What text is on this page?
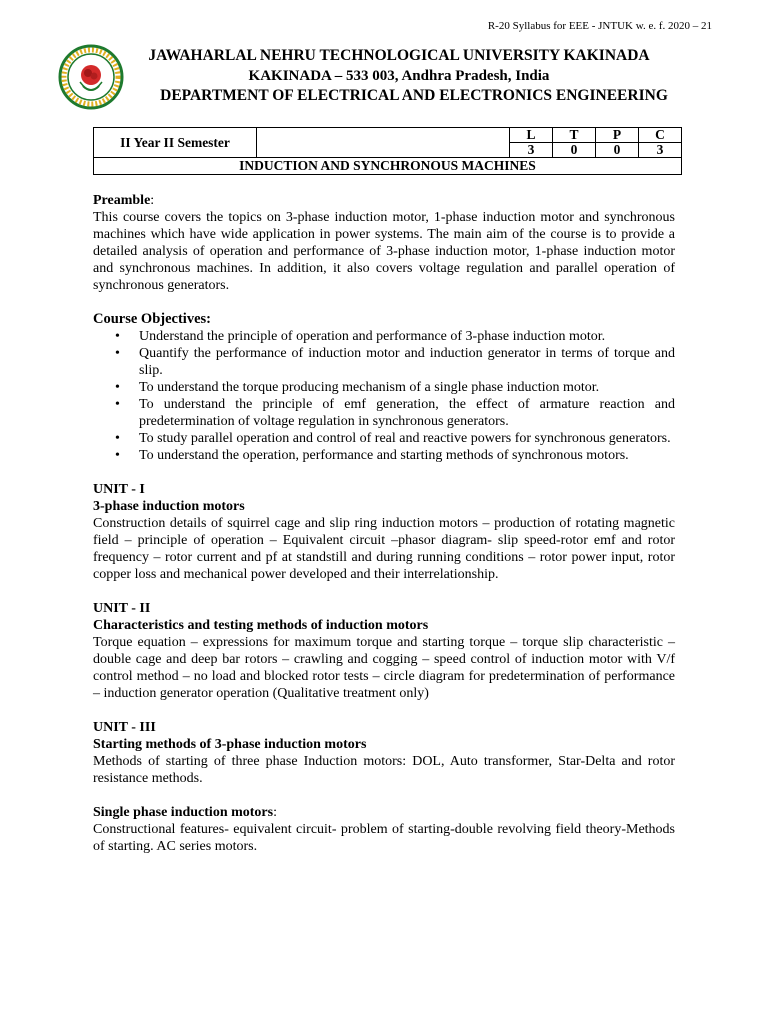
R-20 Syllabus for EEE - JNTUK w. e. f. 2020 – 21
JAWAHARLAL NEHRU TECHNOLOGICAL UNIVERSITY KAKINADA
KAKINADA – 533 003, Andhra Pradesh, India
DEPARTMENT OF ELECTRICAL AND ELECTRONICS ENGINEERING
II Year II Semester		L	T	P	C
		3	0	0	3
INDUCTION AND SYNCHRONOUS MACHINES					

Preamble:

This course covers the topics on 3-phase induction motor, 1-phase induction motor and synchronous machines which have wide application in power systems. The main aim of the course is to provide a detailed analysis of operation and performance of 3-phase induction motor, 1-phase induction motor and synchronous machines. In addition, it also covers voltage regulation and parallel operation of synchronous generators.

Course Objectives:

• Understand the principle of operation and performance of 3-phase induction motor.
• Quantify the performance of induction motor and induction generator in terms of torque and slip.
• To understand the torque producing mechanism of a single phase induction motor.
• To understand the principle of emf generation, the effect of armature reaction and predetermination of voltage regulation in synchronous generators.
• To study parallel operation and control of real and reactive powers for synchronous generators.
• To understand the operation, performance and starting methods of synchronous motors.

UNIT - I

3-phase induction motors

Construction details of squirrel cage and slip ring induction motors – production of rotating magnetic field – principle of operation – Equivalent circuit –phasor diagram- slip speed-rotor emf and rotor frequency – rotor current and pf at standstill and during running conditions – rotor power input, rotor copper loss and mechanical power developed and their interrelationship.

UNIT - II

Characteristics and testing methods of induction motors

Torque equation – expressions for maximum torque and starting torque – torque slip characteristic – double cage and deep bar rotors – crawling and cogging – speed control of induction motor with V/f control method – no load and blocked rotor tests – circle diagram for predetermination of performance – induction generator operation (Qualitative treatment only)

UNIT - III

Starting methods of 3-phase induction motors

Methods of starting of three phase Induction motors: DOL, Auto transformer, Star-Delta and rotor resistance methods.

Single phase induction motors:

Constructional features- equivalent circuit- problem of starting-double revolving field theory-Methods of starting. AC series motors.
